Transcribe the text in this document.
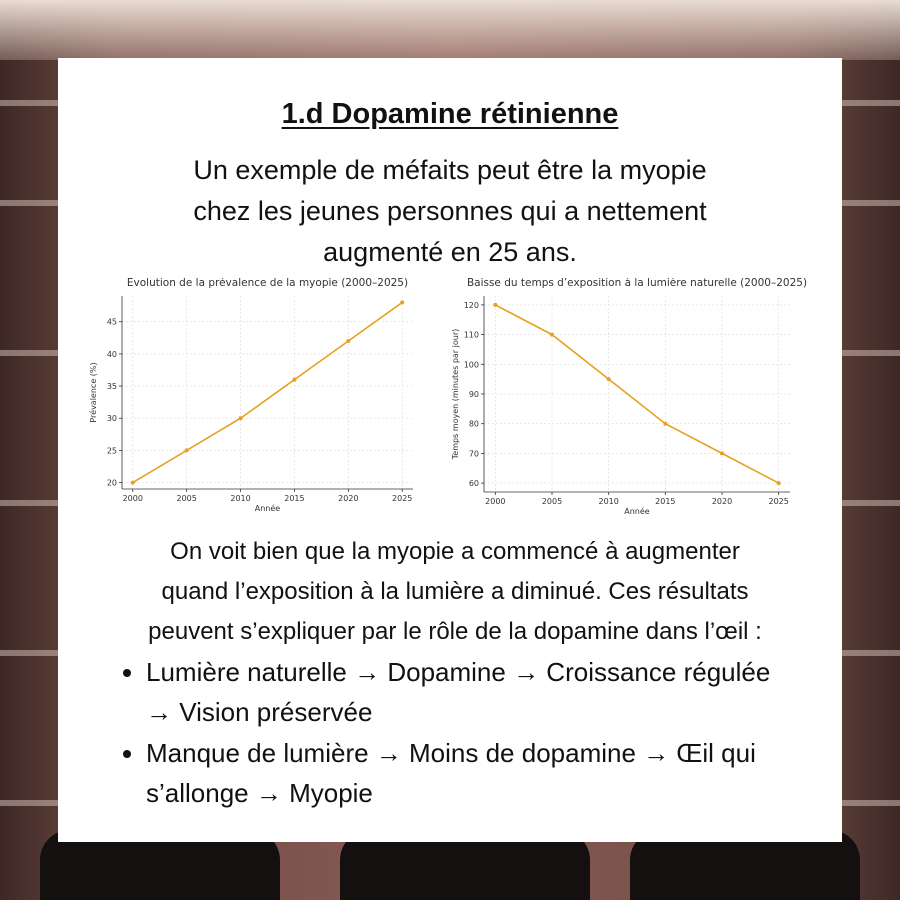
1.d Dopamine rétinienne
Un exemple de méfaits peut être la myopie
chez les jeunes personnes qui a nettement
augmenté en 25 ans.
Évolution de la prévalence de la myopie (2000–2025)
2000	2005	2010	2015	2020	2025
20
25
30
35
40
45
Année
Prévalence (%)
Baisse du temps d’exposition à la lumière naturelle (2000–2025)
2000	2005	2010	2015	2020	2025
60
70
80
90
100
110
120
Année
Temps moyen (minutes par jour)
On voit bien que la myopie a commencé à augmenter
quand l’exposition à la lumière a diminué. Ces résultats
peuvent s’expliquer par le rôle de la dopamine dans l’œil :
• Lumière naturelle → Dopamine → Croissance régulée → Vision préservée
• Manque de lumière → Moins de dopamine → Œil qui s’allonge → Myopie
